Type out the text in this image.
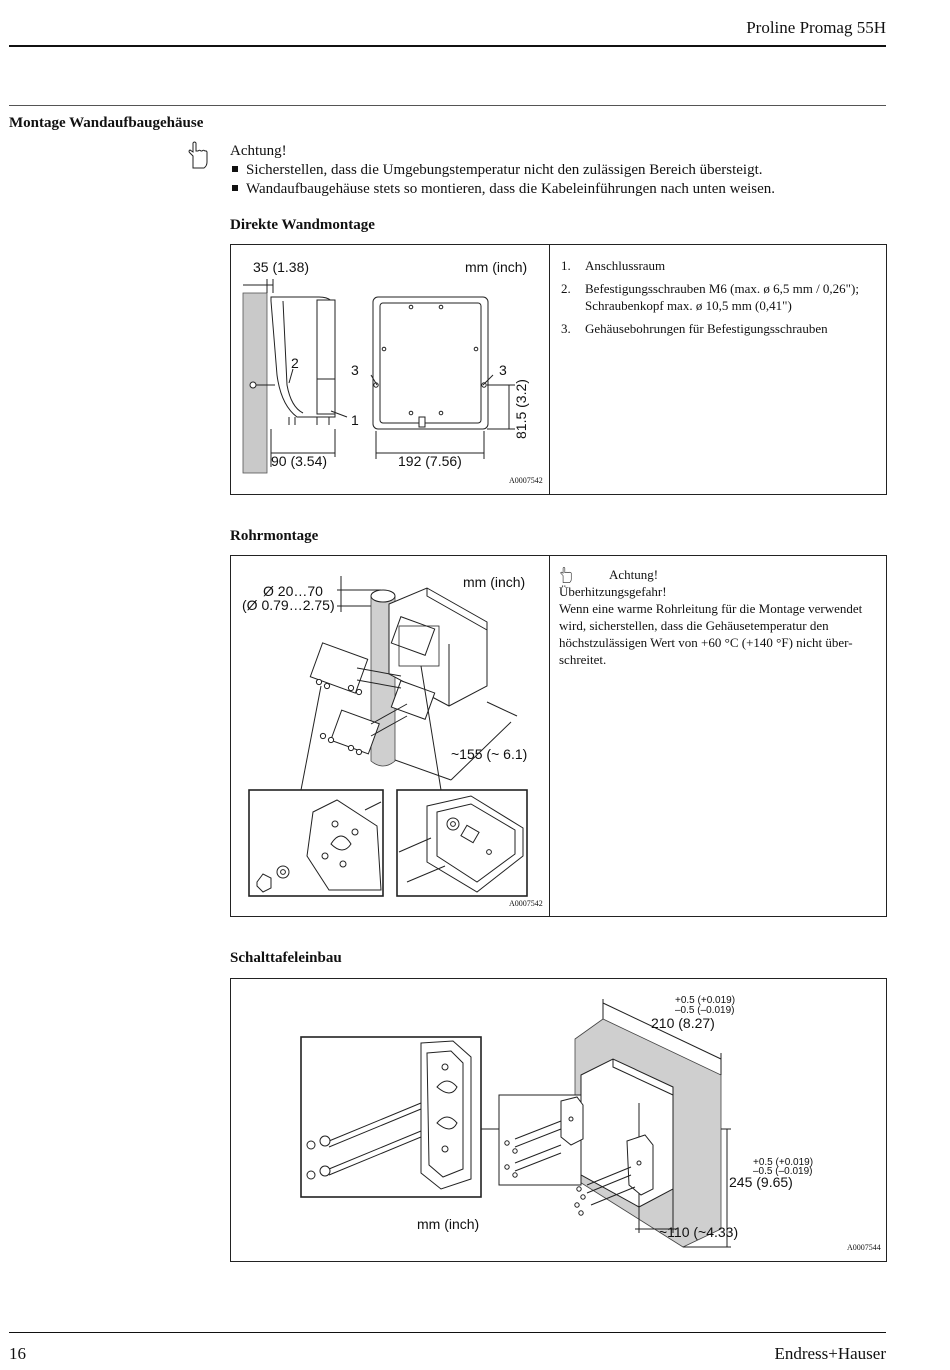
Proline Promag 55H
Montage Wandaufbaugehäuse
Achtung!
Sicherstellen, dass die Umgebungstemperatur nicht den zulässigen Bereich übersteigt.
Wandaufbaugehäuse stets so montieren, dass die Kabeleinführungen nach unten weisen.
Direkte Wandmontage
35 (1.38)	mm (inch)
2	3	3
1
90 (3.54)	192 (7.56)
81.5 (3.2)
A0007542
1.	Anschlussraum
2.	Befestigungsschrauben M6 (max. ø 6,5 mm / 0,26"); Schraubenkopf max. ø 10,5 mm (0,41")
3.	Gehäusebohrungen für Befestigungsschrauben
Rohrmontage
Ø 20…70
(Ø 0.79…2.75)
mm (inch)
~155 (~ 6.1)
A0007542
Achtung!
Überhitzungsgefahr!
Wenn eine warme Rohrleitung für die Montage verwendet wird, sicherstellen, dass die Gehäusetemperatur den höchstzulässigen Wert von +60 °C (+140 °F) nicht über-schreitet.
Schalttafeleinbau
+0.5 (+0.019)
–0.5 (–0.019)
210 (8.27)
+0.5 (+0.019)
–0.5 (–0.019)
245 (9.65)
~110 (~4.33)
mm (inch)
A0007544
16	Endress+Hauser
